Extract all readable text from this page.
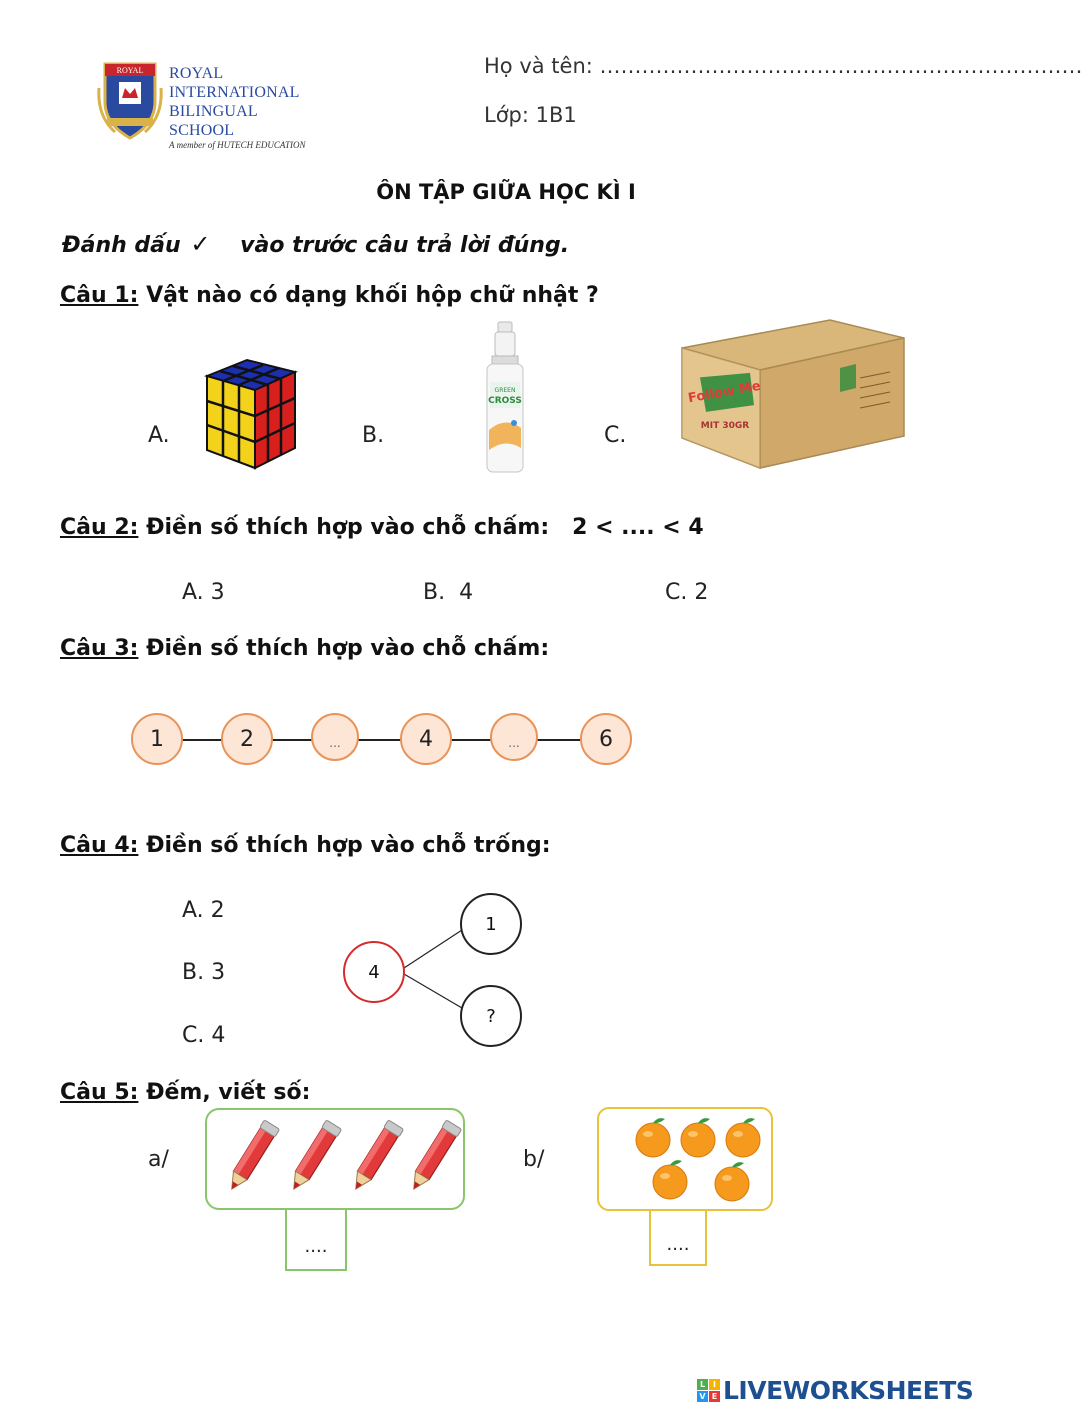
ROYAL ROYAL
INTERNATIONAL
BILINGUAL SCHOOL
A member of HUTECH EDUCATION
Họ và tên: ……………………………………………………………
Lớp: 1B1
ÔN TẬP GIỮA HỌC KÌ I
Đánh dấu ✓ vào trước câu trả lời đúng.
Câu 1: Vật nào có dạng khối hộp chữ nhật ?
A.	B.	C.
GREEN
CROSS	Follow Me
MIT 30GR
Câu 2: Điền số thích hợp vào chỗ chấm:   2 < .... < 4
A. 3	B.  4	C. 2
Câu 3: Điền số thích hợp vào chỗ chấm:
1	2	...	4	...	6
Câu 4: Điền số thích hợp vào chỗ trống:
A. 2
B. 3
C. 4
4
1
?
Câu 5: Đếm, viết số:
a/	b/
....	....
L I
V E LIVEWORKSHEETS
